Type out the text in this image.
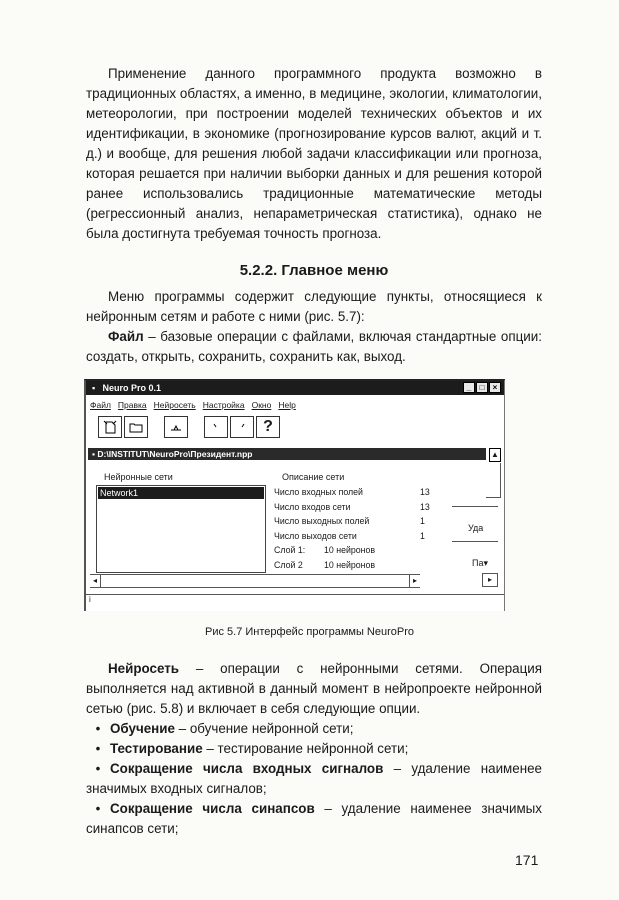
Применение данного программного продукта возможно в традиционных областях, а именно, в медицине, экологии, климатологии, метеорологии, при построении моделей технических объектов и их идентификации, в экономике (прогнозирование курсов валют, акций и т. д.) и вообще, для решения любой задачи классификации или прогноза, которая решается при наличии выборки данных и для решения которой ранее использовались традиционные математические методы (регрессионный анализ, непараметрическая статистика), однако не была достигнута требуемая точность прогноза.

5.2.2. Главное меню

Меню программы содержит следующие пункты, относящиеся к нейронным сетям и работе с ними (рис. 5.7):

Файл – базовые операции с файлами, включая стандартные опции: создать, открыть, сохранить, сохранить как, выход.

▪ Neuro Pro 0.1	_	□	×
Файл Правка Нейросеть Настройка Окно Help
?
▪ D:\INSTITUT\NeuroPro\Президент.npp	▲
Нейронные сети	Описание сети
Network1	Число входных полей	13
Число входов сети	13
Число выходных полей	1
Число выходов сети	1
Слой 1: 10 нейронов
Слой 2 10 нейронов
Уда
Па▾
▸
◂	▸
i
Рис 5.7 Интерфейс программы NeuroPro

Нейросеть – операции с нейронными сетями. Операция выполняется над активной в данный момент в нейропроекте нейронной сетью (рис. 5.8) и включает в себя следующие опции.

• Обучение – обучение нейронной сети;

• Тестирование – тестирование нейронной сети;

• Сокращение числа входных сигналов – удаление наименее значимых входных сигналов;

• Сокращение числа синапсов – удаление наименее значимых синапсов сети;

171
